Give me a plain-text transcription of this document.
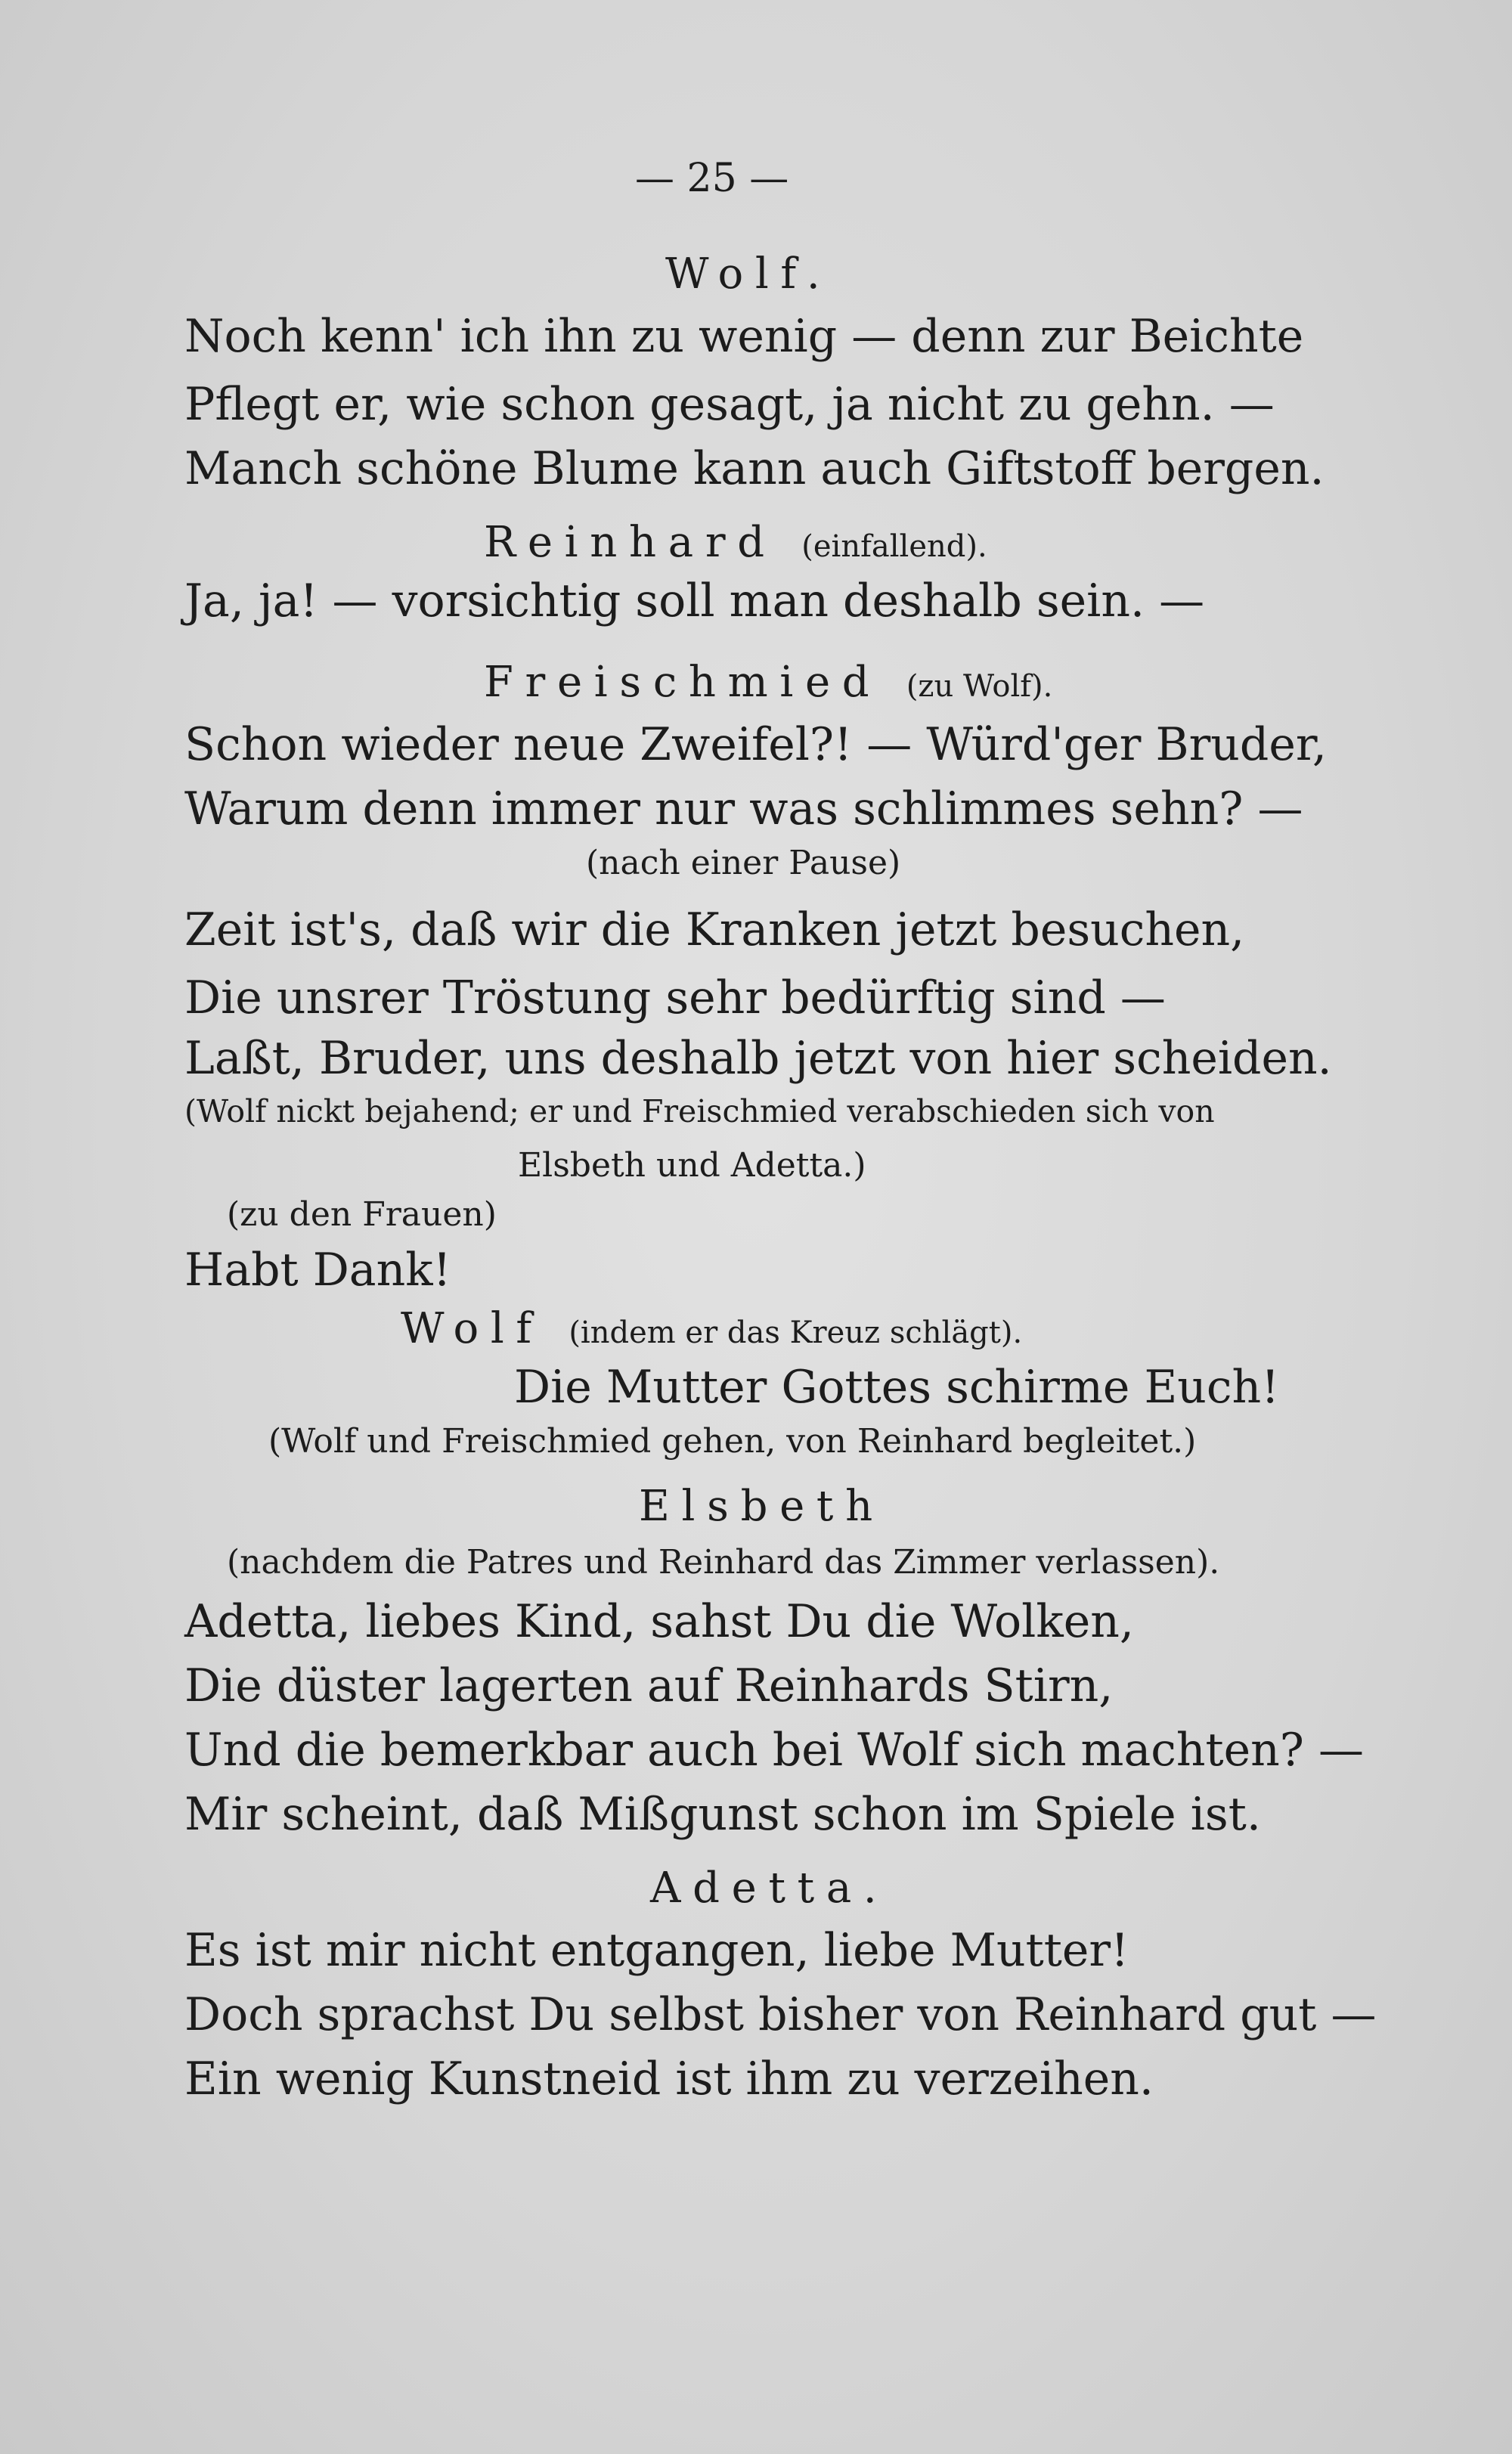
— 25 —
Wolf.
Noch kenn' ich ihn zu wenig — denn zur Beichte
Pflegt er, wie schon gesagt, ja nicht zu gehn. —
Manch schöne Blume kann auch Giftstoff bergen.
Reinhard (einfallend).
Ja, ja! — vorsichtig soll man deshalb sein. —
Freischmied (zu Wolf).
Schon wieder neue Zweifel?! — Würd'ger Bruder,
Warum denn immer nur was schlimmes sehn? —
(nach einer Pause)
Zeit ist's, daß wir die Kranken jetzt besuchen,
Die unsrer Tröstung sehr bedürftig sind —
Laßt, Bruder, uns deshalb jetzt von hier scheiden.
(Wolf nickt bejahend; er und Freischmied verabschieden sich von
Elsbeth und Adetta.)
(zu den Frauen)
Habt Dank!
Wolf (indem er das Kreuz schlägt).
Die Mutter Gottes schirme Euch!
(Wolf und Freischmied gehen, von Reinhard begleitet.)
Elsbeth
(nachdem die Patres und Reinhard das Zimmer verlassen).
Adetta, liebes Kind, sahst Du die Wolken,
Die düster lagerten auf Reinhards Stirn,
Und die bemerkbar auch bei Wolf sich machten? —
Mir scheint, daß Mißgunst schon im Spiele ist.
Adetta.
Es ist mir nicht entgangen, liebe Mutter!
Doch sprachst Du selbst bisher von Reinhard gut —
Ein wenig Kunstneid ist ihm zu verzeihen.
